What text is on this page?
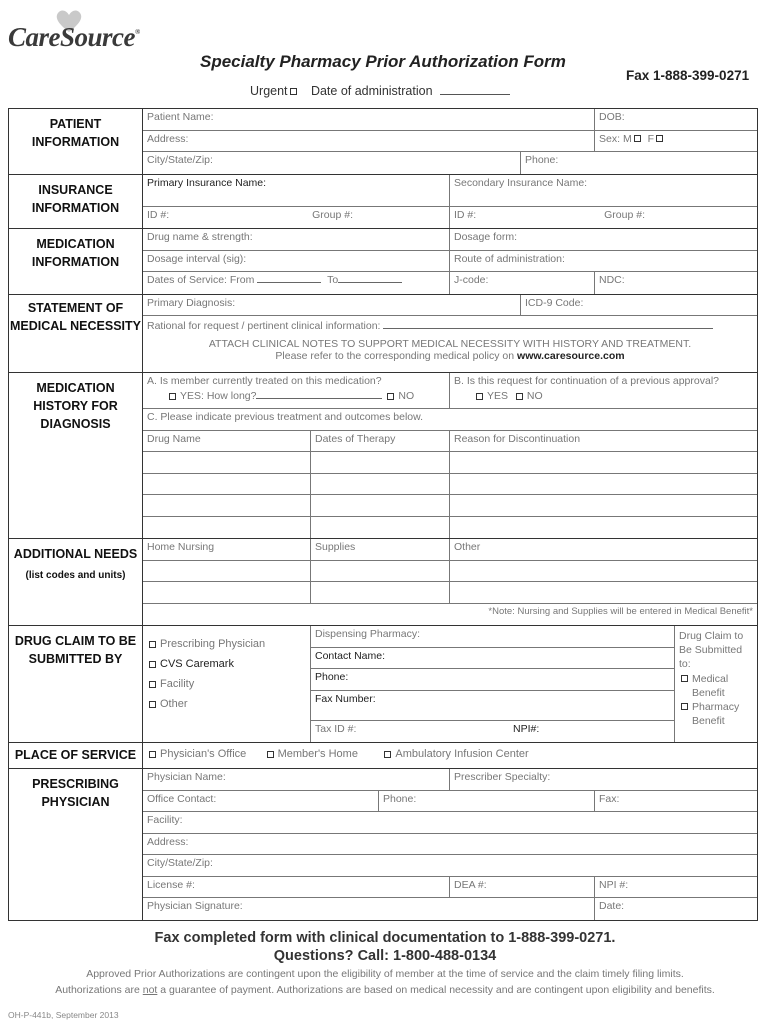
CareSource®
Specialty Pharmacy Prior Authorization Form
Fax 1-888-399-0271
Urgent Date of administration
PATIENT INFORMATION
Patient Name:	DOB:
Address:	Sex: M F
City/State/Zip:	Phone:
INSURANCE INFORMATION
Primary Insurance Name:	Secondary Insurance Name:
ID #:	Group #:	ID #:	Group #:
MEDICATION INFORMATION
Drug name & strength:	Dosage form:
Dosage interval (sig):	Route of administration:
Dates of Service: From	To	J-code:	NDC:
STATEMENT OF MEDICAL NECESSITY
Primary Diagnosis:	ICD-9 Code:
Rational for request / pertinent clinical information:
ATTACH CLINICAL NOTES TO SUPPORT MEDICAL NECESSITY WITH HISTORY AND TREATMENT.
Please refer to the corresponding medical policy on www.caresource.com
MEDICATION HISTORY FOR DIAGNOSIS
A. Is member currently treated on this medication?
YES: How long?	NO
B. Is this request for continuation of a previous approval?
YES NO
C. Please indicate previous treatment and outcomes below.
Drug Name	Dates of Therapy	Reason for Discontinuation
ADDITIONAL NEEDS
(list codes and units)
Home Nursing	Supplies	Other
*Note: Nursing and Supplies will be entered in Medical Benefit*
DRUG CLAIM TO BE SUBMITTED BY
Prescribing Physician
CVS Caremark
Facility
Other
Dispensing Pharmacy:
Contact Name:
Phone:
Fax Number:
Tax ID #:	NPI#:
Drug Claim to Be Submitted to:
Medical Benefit
Pharmacy Benefit
PLACE OF SERVICE	Physician's Office	Member's Home	Ambulatory Infusion Center
PRESCRIBING PHYSICIAN
Physician Name:	Prescriber Specialty:
Office Contact:	Phone:	Fax:
Facility:
Address:
City/State/Zip:
License #:	DEA #:	NPI #:
Physician Signature:	Date:
Fax completed form with clinical documentation to 1-888-399-0271.
Questions? Call: 1-800-488-0134
Approved Prior Authorizations are contingent upon the eligibility of member at the time of service and the claim timely filing limits.
Authorizations are not a guarantee of payment. Authorizations are based on medical necessity and are contingent upon eligibility and benefits.
OH-P-441b, September 2013
